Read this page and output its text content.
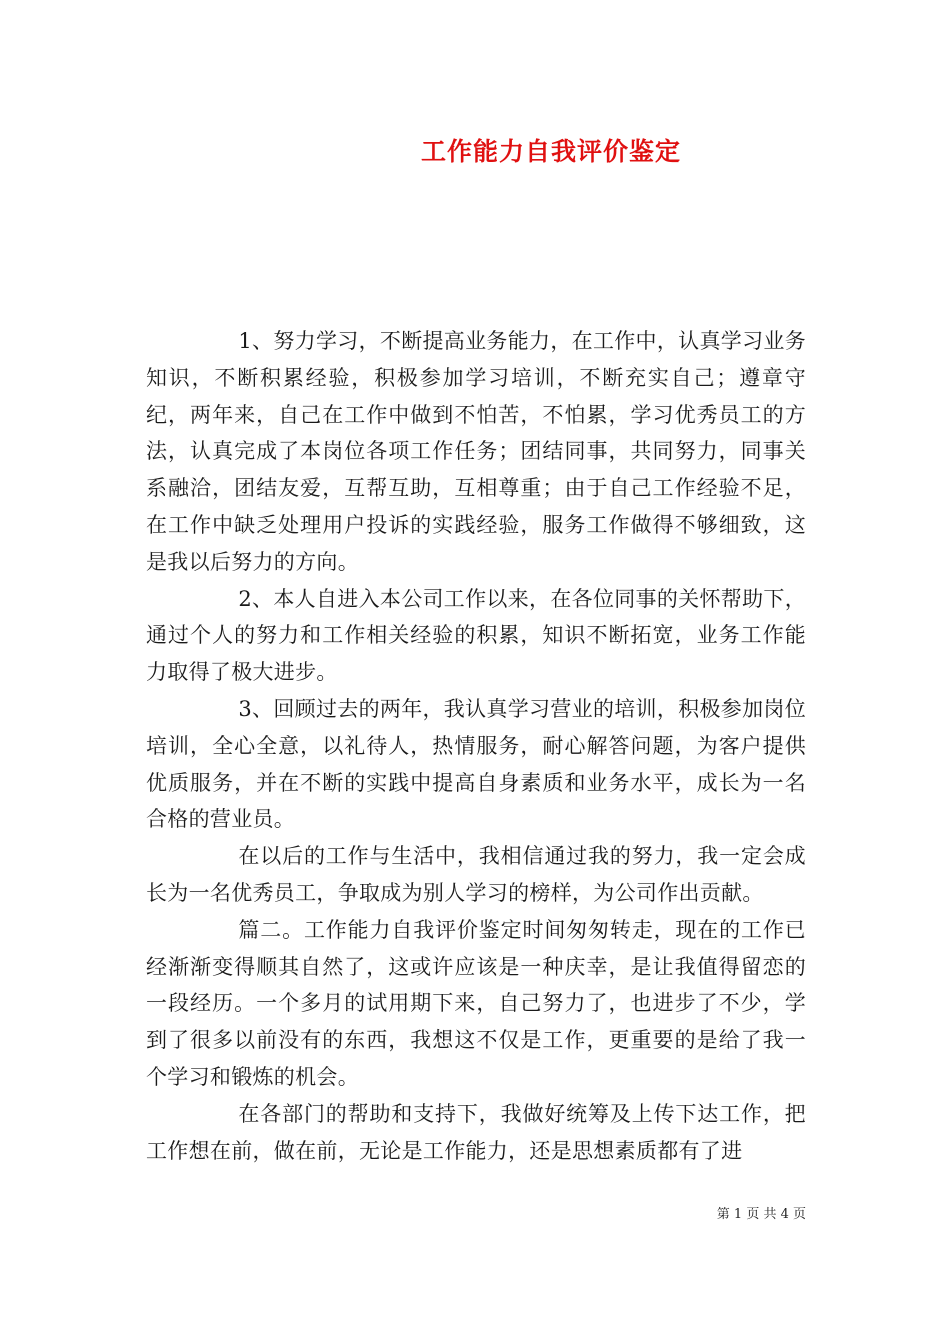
工作能力自我评价鉴定

1、努力学习，不断提高业务能力，在工作中，认真学习业务知识，不断积累经验，积极参加学习培训，不断充实自己；遵章守纪，两年来，自己在工作中做到不怕苦，不怕累，学习优秀员工的方法，认真完成了本岗位各项工作任务；团结同事，共同努力，同事关系融洽，团结友爱，互帮互助，互相尊重；由于自己工作经验不足，在工作中缺乏处理用户投诉的实践经验，服务工作做得不够细致，这是我以后努力的方向。

2、本人自进入本公司工作以来，在各位同事的关怀帮助下，通过个人的努力和工作相关经验的积累，知识不断拓宽，业务工作能力取得了极大进步。

3、回顾过去的两年，我认真学习营业的培训，积极参加岗位培训，全心全意，以礼待人，热情服务，耐心解答问题，为客户提供优质服务，并在不断的实践中提高自身素质和业务水平，成长为一名合格的营业员。

在以后的工作与生活中，我相信通过我的努力，我一定会成长为一名优秀员工，争取成为别人学习的榜样，为公司作出贡献。

篇二。工作能力自我评价鉴定时间匆匆转走，现在的工作已经渐渐变得顺其自然了，这或许应该是一种庆幸，是让我值得留恋的一段经历。一个多月的试用期下来，自己努力了，也进步了不少，学到了很多以前没有的东西，我想这不仅是工作，更重要的是给了我一个学习和锻炼的机会。

在各部门的帮助和支持下，我做好统筹及上传下达工作，把工作想在前，做在前，无论是工作能力，还是思想素质都有了进

第 1 页 共 4 页
